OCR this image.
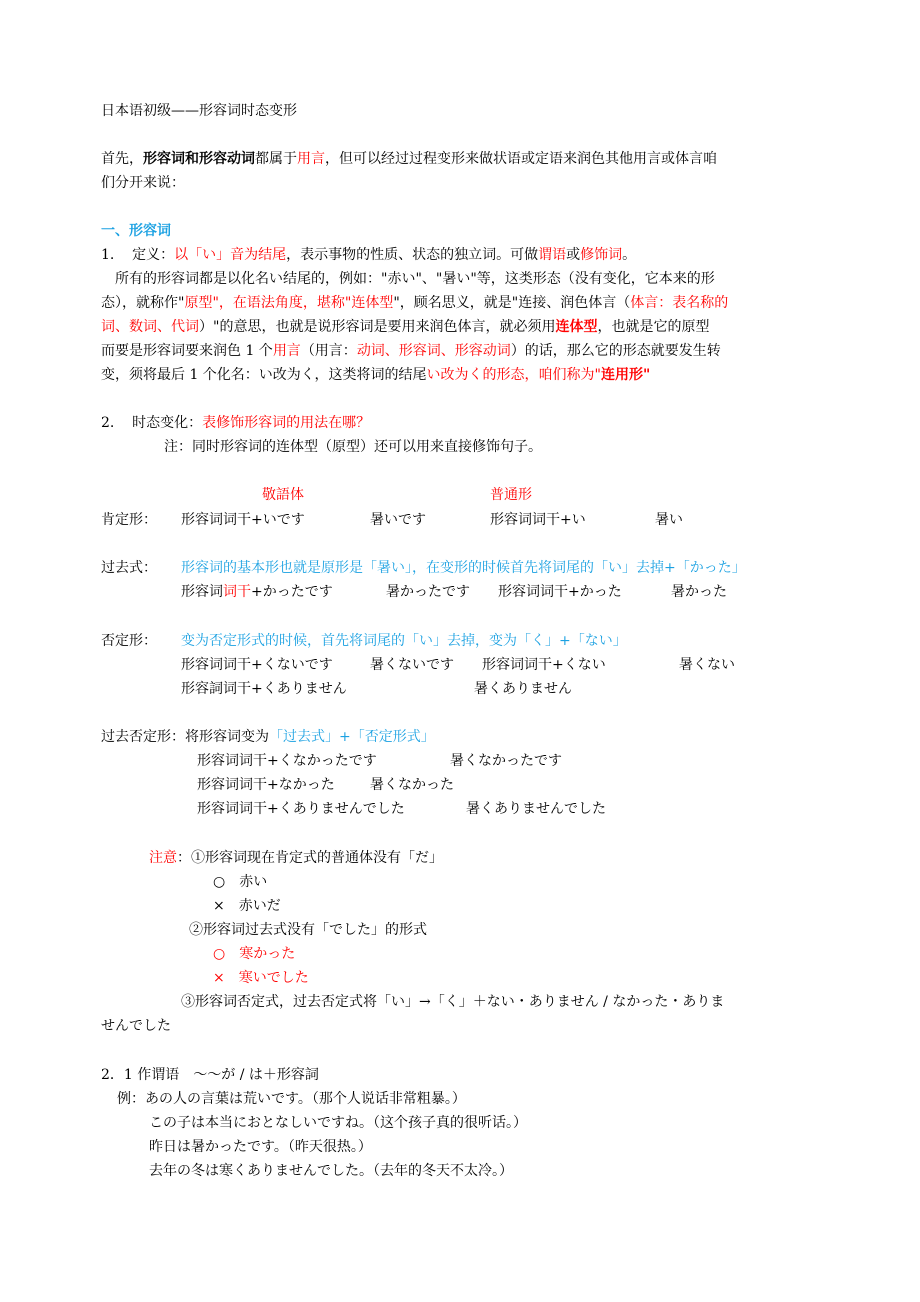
日本语初级——形容词时态变形
首先，形容词和形容动词都属于用言，但可以经过过程变形来做状语或定语来润色其他用言或体言咱
们分开来说：
一、形容词
1. 定义：以「い」音为结尾，表示事物的性质、状态的独立词。可做谓语或修饰词。
所有的形容词都是以化名い结尾的，例如："赤い"、"暑い"等，这类形态（没有变化，它本来的形
态），就称作"原型"，在语法角度，堪称"连体型"，顾名思义，就是"连接、润色体言（体言：表名称的
词、数词、代词）"的意思，也就是说形容词是要用来润色体言，就必须用连体型，也就是它的原型
而要是形容词要来润色 1 个用言（用言：动词、形容词、形容动词）的话，那么它的形态就要发生转
变，须将最后 1 个化名：い改为く，这类将词的结尾い改为く的形态，咱们称为"连用形"
2. 时态变化：表修饰形容词的用法在哪？
注：同时形容词的连体型（原型）还可以用来直接修饰句子。
敬語体	普通形
肯定形： 形容词词干+いです	暑いです	形容词词干+い	暑い
过去式： 形容词的基本形也就是原形是「暑い」，在变形的时候首先将词尾的「い」去掉+「かった」
形容词词干+かったです	暑かったです 形容词词干+かった	暑かった
否定形： 变为否定形式的时候，首先将词尾的「い」去掉，变为「く」+「ない」
形容词词干+くないです	暑くないです 形容词词干+くない	暑くない
形容詞词干+くありません	暑くありません
过去否定形：将形容词变为「过去式」+「否定形式」
形容词词干+くなかったです	暑くなかったです
形容词词干+なかった	暑くなかった
形容词词干+くありませんでした	暑くありませんでした
注意：①形容词现在肯定式的普通体没有「だ」
○　赤い
×　赤いだ
②形容词过去式没有「でした」的形式
○　寒かった
×　寒いでした
③形容词否定式，过去否定式将「い」→「く」＋ない・ありません / なかった・ありま
せんでした
2．1 作谓语　～～が / は＋形容詞
例：あの人の言葉は荒いです。（那个人说话非常粗暴。）
この子は本当におとなしいですね。（这个孩子真的很听话。）
昨日は暑かったです。（昨天很热。）
去年の冬は寒くありませんでした。（去年的冬天不太冷。）
